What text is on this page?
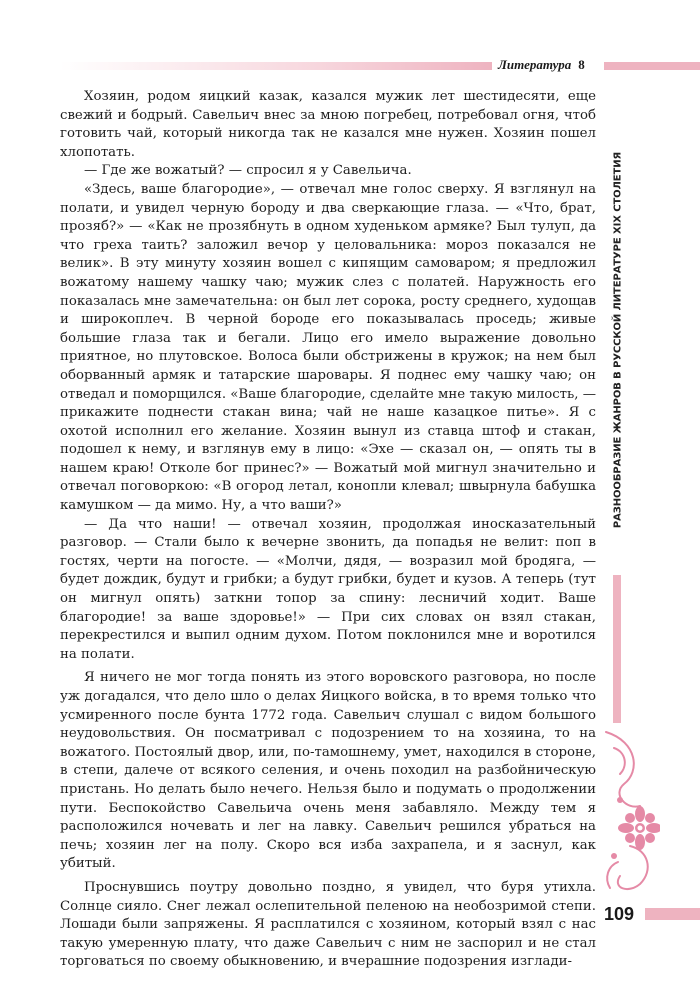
Литература 8

Хозяин, родом яицкий казак, казался мужик лет шестидесяти, еще свежий и бодрый. Савельич внес за мною погребец, потребовал огня, чтоб готовить чай, который никогда так не казался мне нужен. Хозяин пошел хлопотать.

— Где же вожатый? — спросил я у Савельича.

«Здесь, ваше благородие», — отвечал мне голос сверху. Я взглянул на полати, и увидел черную бороду и два сверкающие глаза. — «Что, брат, прозяб?» — «Как не прозябнуть в одном худеньком армяке? Был тулуп, да что греха таить? заложил вечор у целовальника: мороз показался не велик». В эту минуту хозяин вошел с кипящим самоваром; я предложил вожатому нашему чашку чаю; мужик слез с полатей. Наружность его показалась мне замечательна: он был лет сорока, росту среднего, худощав и широкоплеч. В черной бороде его показывалась проседь; живые большие глаза так и бегали. Лицо его имело выражение довольно приятное, но плутовское. Волоса были обстрижены в кружок; на нем был оборванный армяк и татарские шаровары. Я поднес ему чашку чаю; он отведал и поморщился. «Ваше благородие, сделайте мне такую милость, — прикажите поднести стакан вина; чай не наше казацкое питье». Я с охотой исполнил его желание. Хозяин вынул из ставца штоф и стакан, подошел к нему, и взглянув ему в лицо: «Эхе — сказал он, — опять ты в нашем краю! Отколе бог принес?» — Вожатый мой мигнул значительно и отвечал поговоркою: «В огород летал, конопли клевал; швырнула бабушка камушком — да мимо. Ну, а что ваши?»

— Да что наши! — отвечал хозяин, продолжая иносказательный разговор. — Стали было к вечерне звонить, да попадья не велит: поп в гостях, черти на погосте. — «Молчи, дядя, — возразил мой бродяга, — будет дождик, будут и грибки; а будут грибки, будет и кузов. А теперь (тут он мигнул опять) заткни топор за спину: лесничий ходит. Ваше благородие! за ваше здоровье!» — При сих словах он взял стакан, перекрестился и выпил одним духом. Потом поклонился мне и воротился на полати.

Я ничего не мог тогда понять из этого воровского разговора, но после уж догадался, что дело шло о делах Яицкого войска, в то время только что усмиренного после бунта 1772 года. Савельич слушал с видом большого неудовольствия. Он посматривал с подозрением то на хозяина, то на вожатого. Постоялый двор, или, по-тамошнему, умет, находился в стороне, в степи, далече от всякого селения, и очень походил на разбойническую пристань. Но делать было нечего. Нельзя было и подумать о продолжении пути. Беспокойство Савельича очень меня забавляло. Между тем я расположился ночевать и лег на лавку. Савельич решился убраться на печь; хозяин лег на полу. Скоро вся изба захрапела, и я заснул, как убитый.

Проснувшись поутру довольно поздно, я увидел, что буря утихла. Солнце сияло. Снег лежал ослепительной пеленою на необозримой степи. Лошади были запряжены. Я расплатился с хозяином, который взял с нас такую умеренную плату, что даже Савельич с ним не заспорил и не стал торговаться по своему обыкновению, и вчерашние подозрения изглади-

РАЗНООБРАЗИЕ ЖАНРОВ В РУССКОЙ ЛИТЕРАТУРЕ XIX СТОЛЕТИЯ
109
